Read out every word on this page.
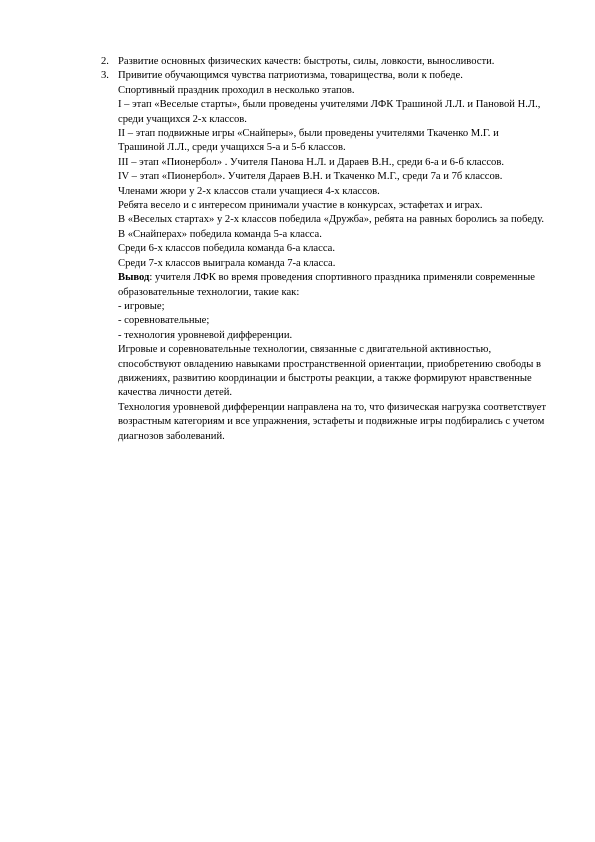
2. Развитие основных физических качеств: быстроты, силы, ловкости, выносливости.
3. Привитие обучающимся чувства патриотизма, товарищества, воли к победе.
Спортивный праздник проходил в несколько этапов.
I – этап «Веселые старты», были проведены учителями ЛФК Трашиной Л.Л. и Пановой Н.Л., среди учащихся 2-х классов.
II – этап подвижные игры «Снайперы», были проведены учителями Ткаченко М.Г. и Трашиной Л.Л., среди учащихся 5-а и 5-б классов.
III – этап «Пионербол» . Учителя Панова Н.Л. и Дараев В.Н., среди 6-а и 6-б классов.
IV – этап «Пионербол». Учителя Дараев В.Н. и Ткаченко М.Г., среди 7а и 7б классов.
Членами жюри у 2-х классов стали учащиеся 4-х классов.
Ребята весело и с интересом принимали участие в конкурсах, эстафетах и играх.
В «Веселых стартах» у 2-х классов победила «Дружба», ребята на равных боролись за победу.
В «Снайперах» победила команда 5-а класса.
Среди 6-х классов победила команда 6-а класса.
Среди 7-х классов выиграла команда 7-а класса.
Вывод: учителя ЛФК во время проведения спортивного праздника применяли современные образовательные технологии, такие как:
- игровые;
- соревновательные;
- технология уровневой дифференции.
Игровые и соревновательные технологии, связанные с двигательной активностью, способствуют овладению навыками пространственной ориентации, приобретению свободы в движениях, развитию координации и быстроты реакции, а также формируют нравственные качества личности детей.
Технология уровневой дифференции направлена на то, что физическая нагрузка соответствует возрастным категориям и все упражнения, эстафеты и подвижные игры подбирались с учетом диагнозов заболеваний.
